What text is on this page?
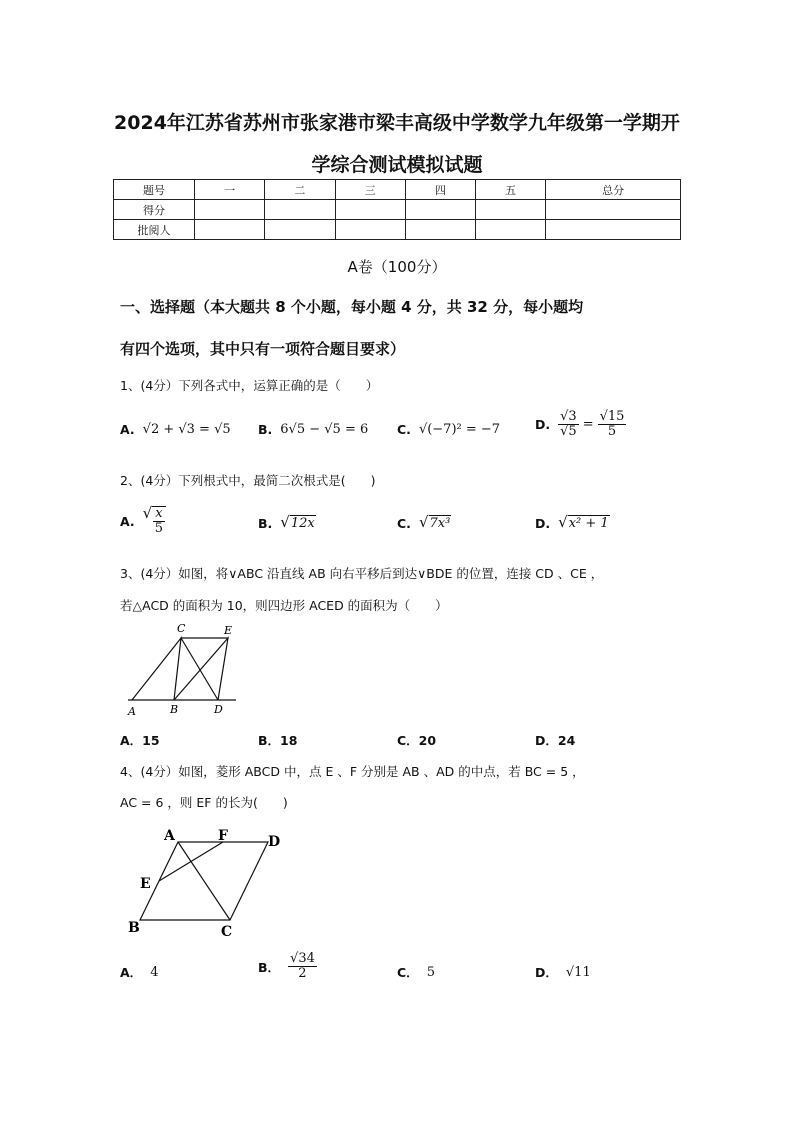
2024年江苏省苏州市张家港市梁丰高级中学数学九年级第一学期开
学综合测试模拟试题
题号	一	二	三	四	五	总分
得分						
批阅人						
A卷（100分）
一、选择题（本大题共 8 个小题，每小题 4 分，共 32 分，每小题均
有四个选项，其中只有一项符合题目要求）
1、(4分）下列各式中，运算正确的是（　　）
A. √2 + √3 = √5 B. 6√5 − √5 = 6 C. √(−7)² = −7	D. $\frac{√3}{√5} = \frac{√15}{5}$
2、(4分）下列根式中，最简二次根式是(　　)
A. √ $\frac{x}{5}$	B. √ 12x	C. √ 7x³	D. √ x² + 1
3、(4分）如图，将∨ABC 沿直线 AB 向右平移后到达∨BDE 的位置，连接 CD 、CE ，
若△ACD 的面积为 10，则四边形 ACED 的面积为（　　）
C	E
A	B	D
A．15	B．18	C．20	D．24
4、(4分）如图，菱形 ABCD 中，点 E 、F 分别是 AB 、AD 的中点，若 BC = 5 ，
AC = 6 ，则 EF 的长为(　　)
A	F	D
E
B	C
A． 4	B． $\frac{√34}{2}$	C． 5	D． √11
